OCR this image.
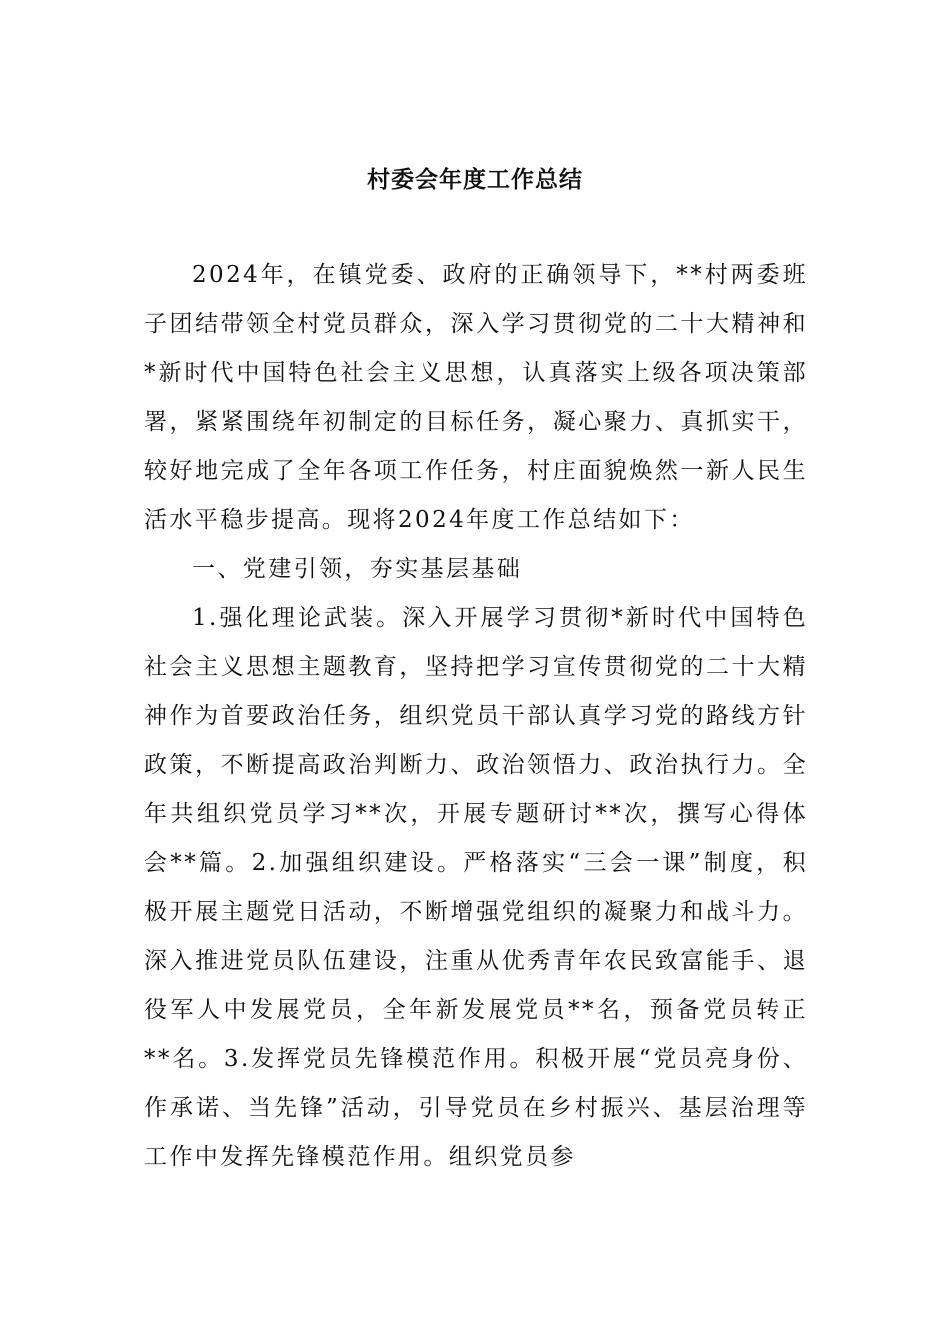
村委会年度工作总结

2024年，在镇党委、政府的正确领导下，**村两委班子团结带领全村党员群众，深入学习贯彻党的二十大精神和*新时代中国特色社会主义思想，认真落实上级各项决策部署，紧紧围绕年初制定的目标任务，凝心聚力、真抓实干，较好地完成了全年各项工作任务，村庄面貌焕然一新人民生活水平稳步提高。现将2024年度工作总结如下：

一、党建引领，夯实基层基础

1.强化理论武装。深入开展学习贯彻*新时代中国特色社会主义思想主题教育，坚持把学习宣传贯彻党的二十大精神作为首要政治任务，组织党员干部认真学习党的路线方针政策，不断提高政治判断力、政治领悟力、政治执行力。全年共组织党员学习**次，开展专题研讨**次，撰写心得体会**篇。2.加强组织建设。严格落实“三会一课”制度，积极开展主题党日活动，不断增强党组织的凝聚力和战斗力。深入推进党员队伍建设，注重从优秀青年农民致富能手、退役军人中发展党员，全年新发展党员**名，预备党员转正**名。3.发挥党员先锋模范作用。积极开展“党员亮身份、作承诺、当先锋”活动，引导党员在乡村振兴、基层治理等工作中发挥先锋模范作用。组织党员参
